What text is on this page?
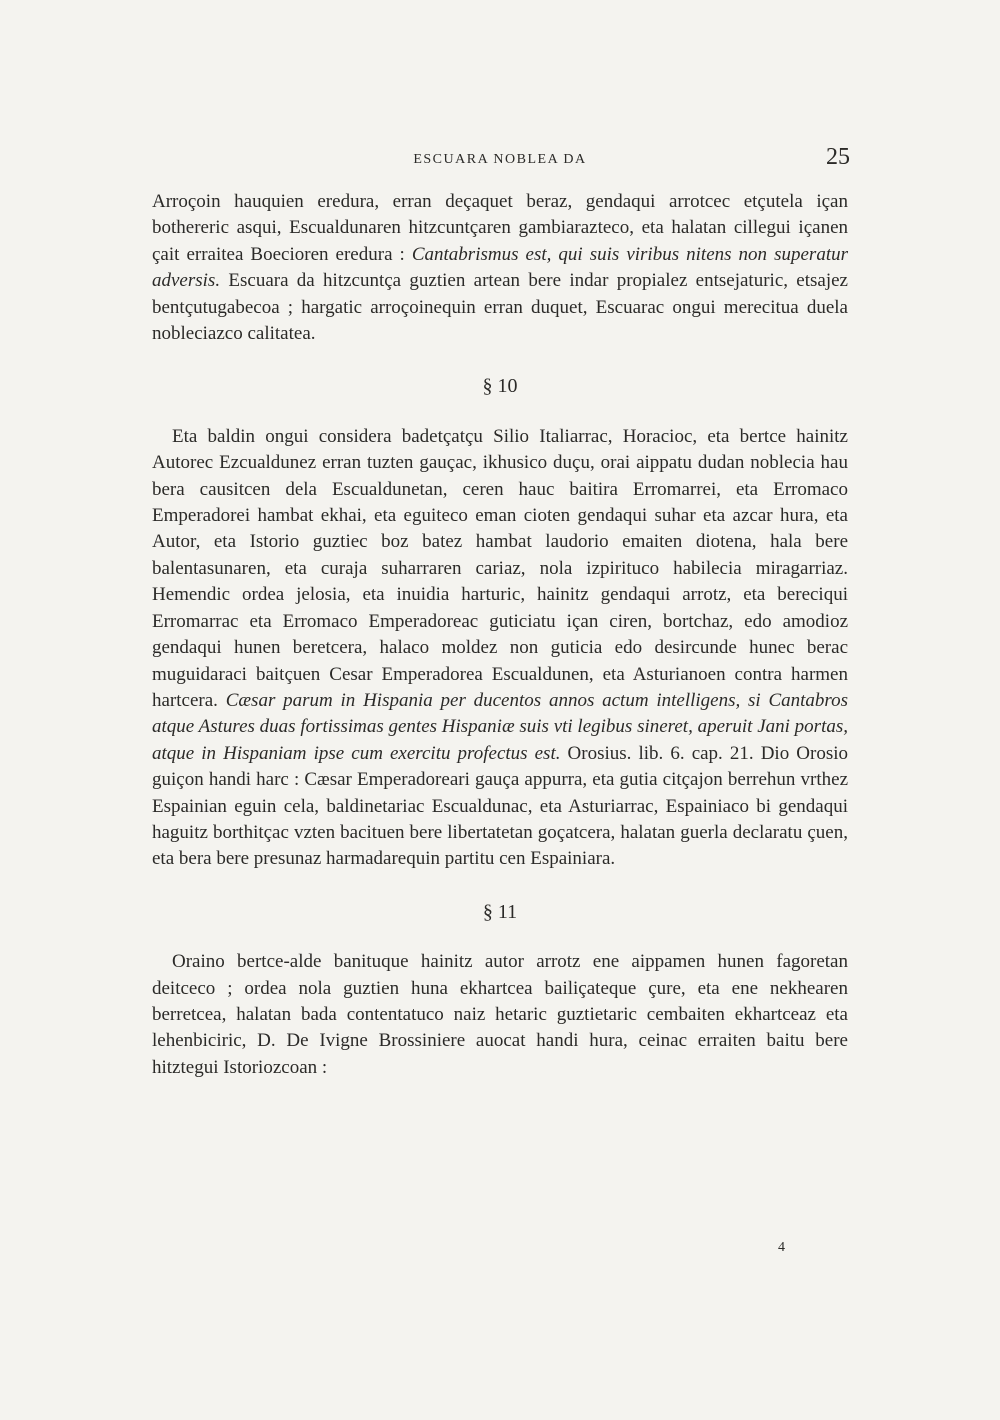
ESCUARA NOBLEA DA	25

Arroçoin hauquien eredura, erran deçaquet beraz, gendaqui arrotcec etçutela içan bothereric asqui, Escualdunaren hitzcuntçaren gambiarazteco, eta halatan cillegui içanen çait erraitea Boecioren eredura : Cantabrismus est, qui suis viribus nitens non superatur adversis. Escuara da hitzcuntça guztien artean bere indar propialez entsejaturic, etsajez bentçutugabecoa ; hargatic arroçoinequin erran duquet, Escuarac ongui merecitua duela nobleciazco calitatea.

§ 10

Eta baldin ongui considera badetçatçu Silio Italiarrac, Horacioc, eta bertce hainitz Autorec Ezcualdunez erran tuzten gauçac, ikhusico duçu, orai aippatu dudan noblecia hau bera causitcen dela Escualdunetan, ceren hauc baitira Erromarrei, eta Erromaco Emperadorei hambat ekhai, eta eguiteco eman cioten gendaqui suhar eta azcar hura, eta Autor, eta Istorio guztiec boz batez hambat laudorio emaiten diotena, hala bere balentasunaren, eta curaja suharraren cariaz, nola izpirituco habilecia miragarriaz. Hemendic ordea jelosia, eta inuidia harturic, hainitz gendaqui arrotz, eta bereciqui Erromarrac eta Erromaco Emperadoreac guticiatu içan ciren, bortchaz, edo amodioz gendaqui hunen beretcera, halaco moldez non guticia edo desircunde hunec berac muguidaraci baitçuen Cesar Emperadorea Escualdunen, eta Asturianoen contra harmen hartcera. Cæsar parum in Hispania per ducentos annos actum intelligens, si Cantabros atque Astures duas fortissimas gentes Hispaniæ suis vti legibus sineret, aperuit Jani portas, atque in Hispaniam ipse cum exercitu profectus est. Orosius. lib. 6. cap. 21. Dio Orosio guiçon handi harc : Cæsar Emperadoreari gauça appurra, eta gutia citçajon berrehun vrthez Espainian eguin cela, baldinetariac Escualdunac, eta Asturiarrac, Espainiaco bi gendaqui haguitz borthitçac vzten bacituen bere libertatetan goçatcera, halatan guerla declaratu çuen, eta bera bere presunaz harmadarequin partitu cen Espainiara.

§ 11

Oraino bertce-alde banituque hainitz autor arrotz ene aippamen hunen fagoretan deitceco ; ordea nola guztien huna ekhartcea bailiçateque çure, eta ene nekhearen berretcea, halatan bada contentatuco naiz hetaric guztietaric cembaiten ekhartceaz eta lehenbiciric, D. De Ivigne Brossiniere auocat handi hura, ceinac erraiten baitu bere hitztegui Istoriozcoan :

4
